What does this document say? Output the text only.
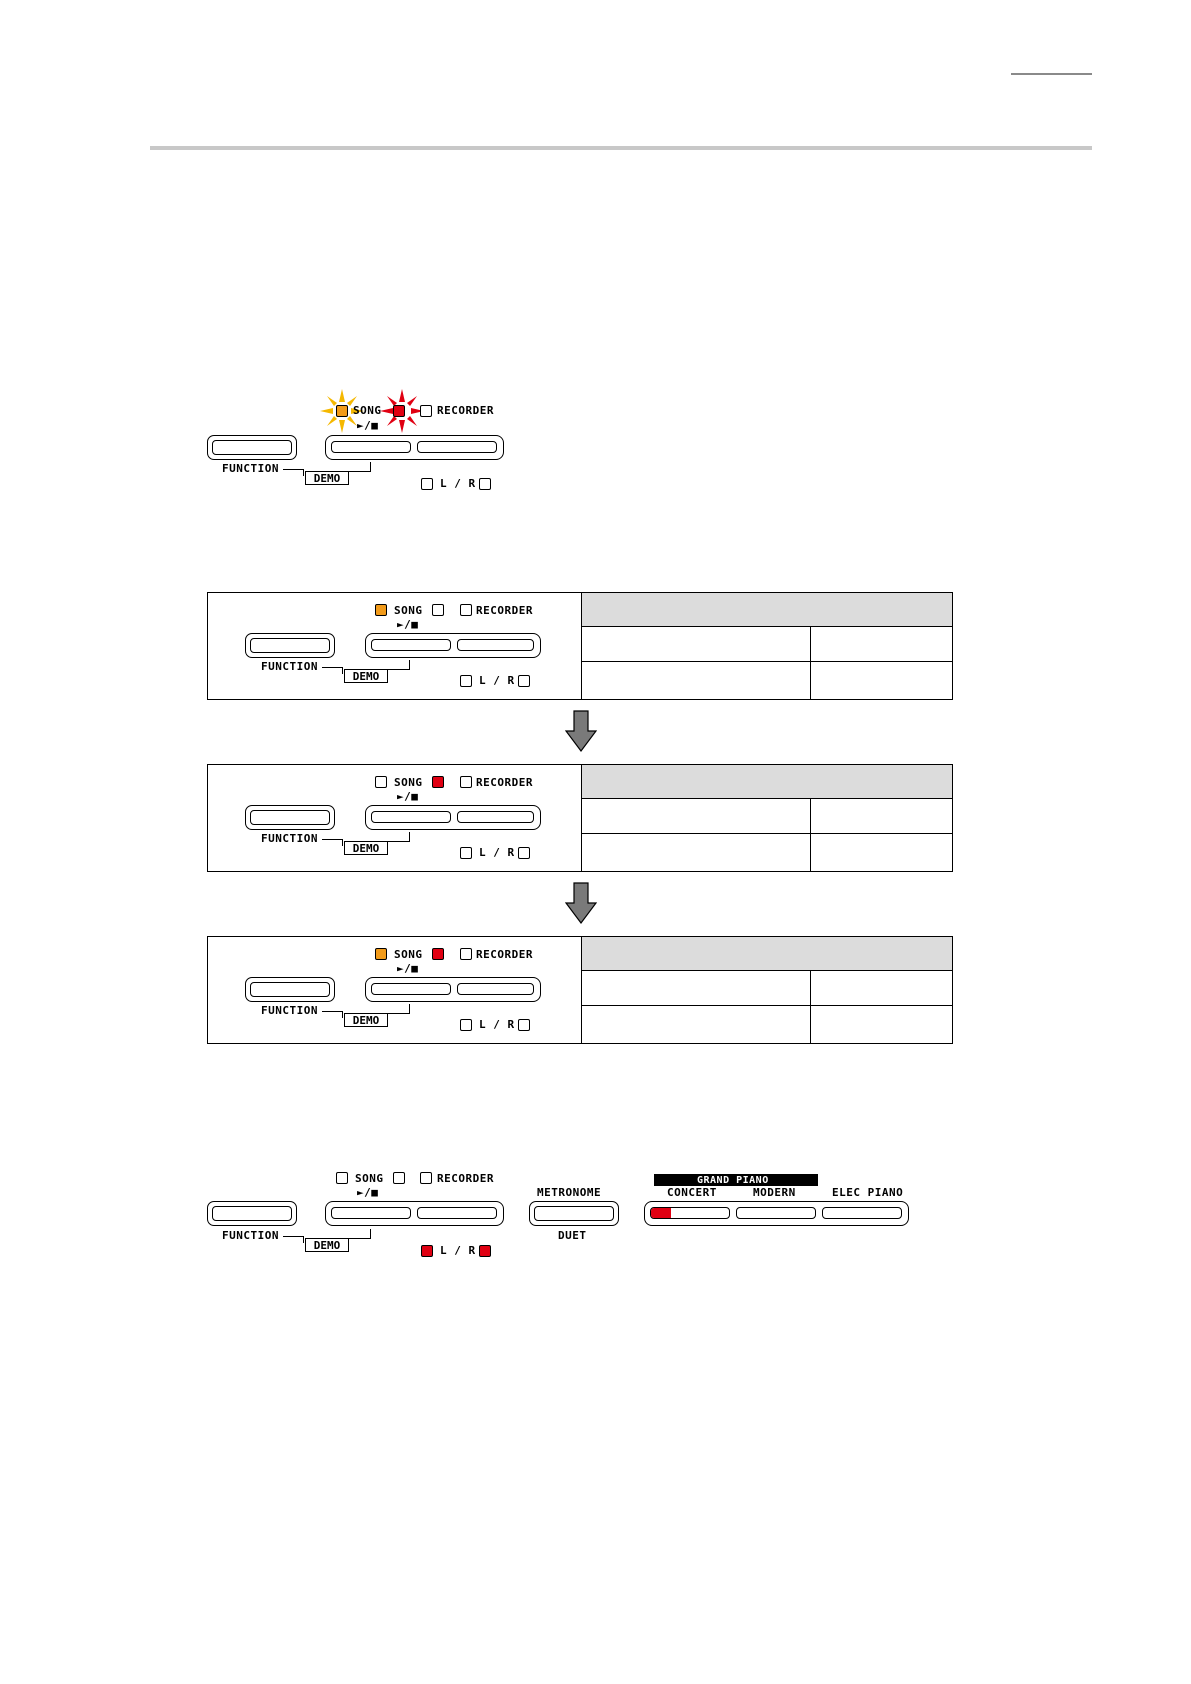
SONG	RECORDER
►/■
FUNCTION
DEMO	L / R
SONG	RECORDER
►/■
FUNCTION
DEMO	L / R
SONG	RECORDER
►/■
FUNCTION
DEMO	L / R
SONG	RECORDER
►/■
FUNCTION
DEMO	L / R
SONG	RECORDER
►/■
FUNCTION
DEMO	L / R
METRONOME
DUET
GRAND PIANO
CONCERT	MODERN	ELEC PIANO
